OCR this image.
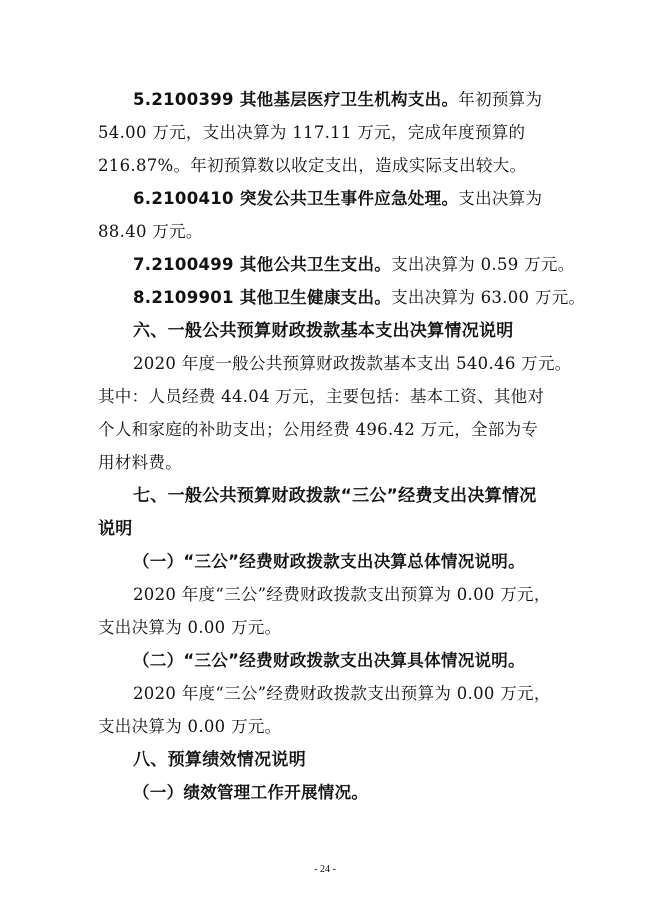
5.2100399 其他基层医疗卫生机构支出。年初预算为
54.00 万元，支出决算为 117.11 万元，完成年度预算的
216.87%。年初预算数以收定支出，造成实际支出较大。
6.2100410 突发公共卫生事件应急处理。支出决算为
88.40 万元。
7.2100499 其他公共卫生支出。支出决算为 0.59 万元。
8.2109901 其他卫生健康支出。支出决算为 63.00 万元。
六、一般公共预算财政拨款基本支出决算情况说明
2020 年度一般公共预算财政拨款基本支出 540.46 万元。
其中：人员经费 44.04 万元，主要包括：基本工资、其他对
个人和家庭的补助支出；公用经费 496.42 万元，全部为专
用材料费。
七、一般公共预算财政拨款“三公”经费支出决算情况
说明
（一）“三公”经费财政拨款支出决算总体情况说明。
2020 年度“三公”经费财政拨款支出预算为 0.00 万元，
支出决算为 0.00 万元。
（二）“三公”经费财政拨款支出决算具体情况说明。
2020 年度“三公”经费财政拨款支出预算为 0.00 万元，
支出决算为 0.00 万元。
八、预算绩效情况说明
（一）绩效管理工作开展情况。
- 24 -
